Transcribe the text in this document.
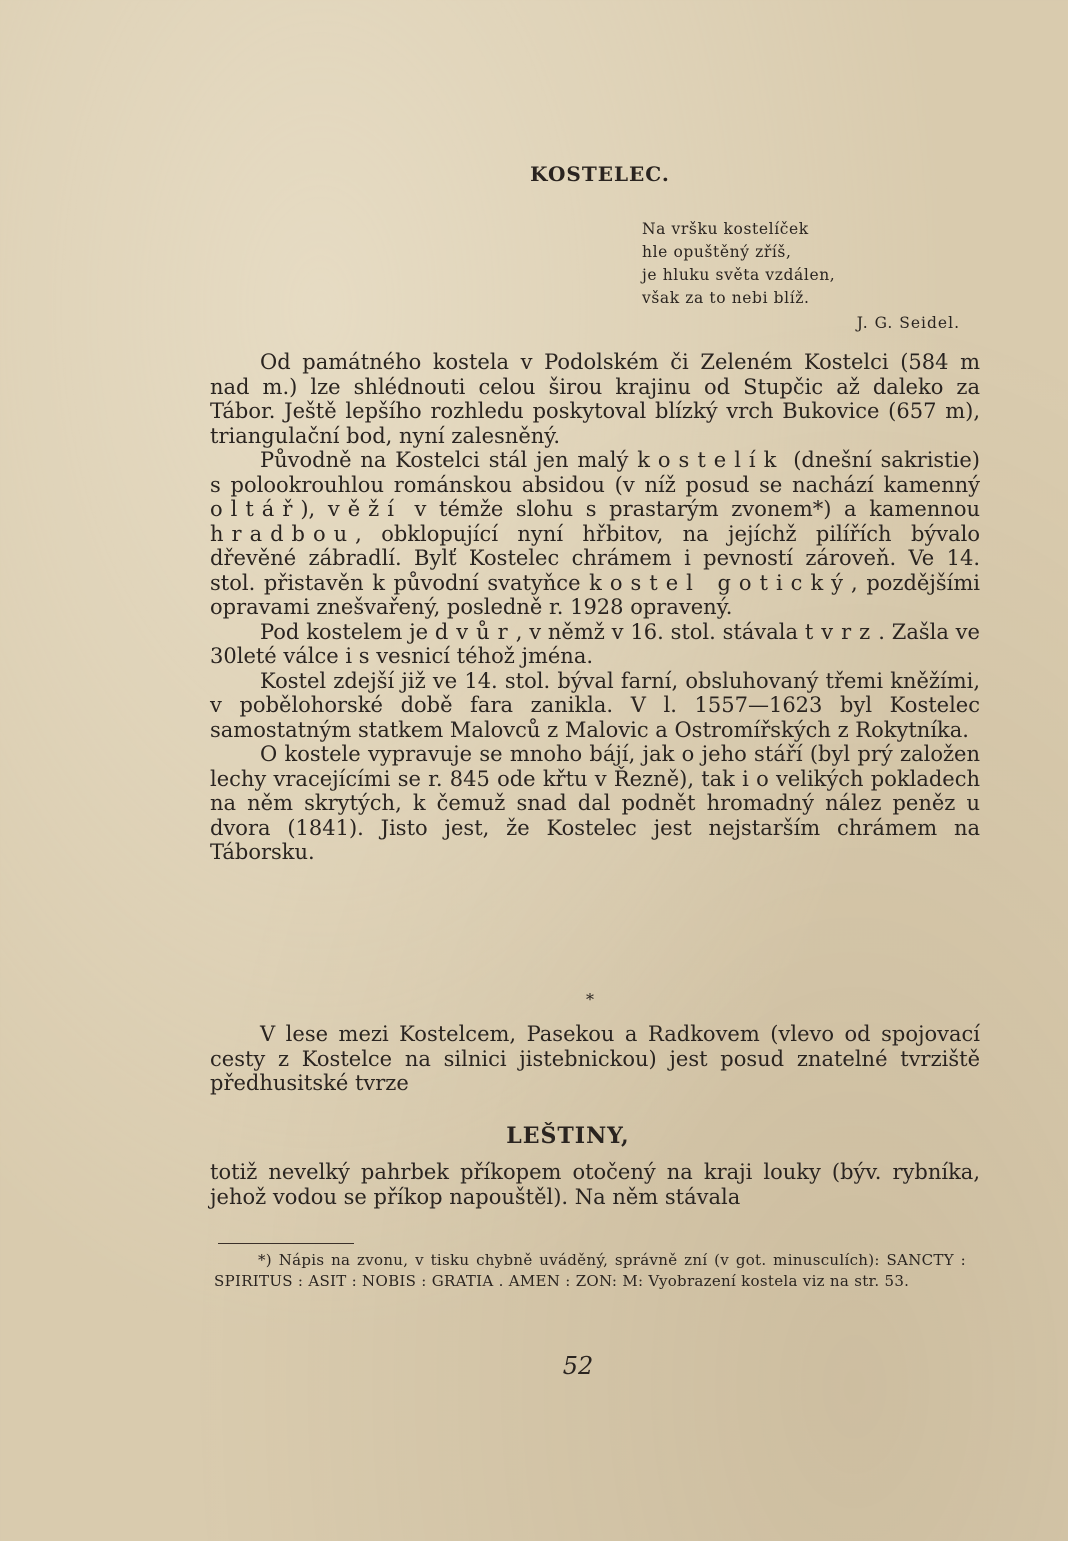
KOSTELEC.
Na vršku kostelíček
hle opuštěný zříš,
je hluku světa vzdálen,
však za to nebi blíž.
J. G. Seidel.

Od památného kostela v Podolském či Zeleném Kostelci (584 m nad m.) lze shlédnouti celou širou krajinu od Stupčic až daleko za Tábor. Ještě lepšího rozhledu poskytoval blízký vrch Bukovice (657 m), triangulační bod, nyní zalesněný.

Původně na Kostelci stál jen malý kostelík (dnešní sakristie) s polookrouhlou románskou absidou (v níž posud se nachází kamenný oltář), věží v témže slohu s prastarým zvonem*) a kamennou hradbou, obklopující nyní hřbitov, na jejíchž pilířích bývalo dřevěné zábradlí. Bylť Kostelec chrámem i pevností zároveň. Ve 14. stol. přistavěn k původní svatyňce kostel gotický, pozdějšími opravami znešvařený, posledně r. 1928 opravený.

Pod kostelem je dvůr, v němž v 16. stol. stávala tvrz. Zašla ve 30leté válce i s vesnicí téhož jména.

Kostel zdejší již ve 14. stol. býval farní, obsluhovaný třemi kněžími, v pobělohorské době fara zanikla. V l. 1557—1623 byl Kostelec samostatným statkem Malovců z Malovic a Ostromířských z Rokytníka.

O kostele vypravuje se mnoho bájí, jak o jeho stáří (byl prý založen lechy vracejícími se r. 845 ode křtu v Řezně), tak i o velikých pokladech na něm skrytých, k čemuž snad dal podnět hromadný nález peněz u dvora (1841). Jisto jest, že Kostelec jest nejstarším chrámem na Táborsku.

*

V lese mezi Kostelcem, Pasekou a Radkovem (vlevo od spojovací cesty z Kostelce na silnici jistebnickou) jest posud znatelné tvrziště předhusitské tvrze

LEŠTINY,

totiž nevelký pahrbek příkopem otočený na kraji louky (býv. rybníka, jehož vodou se příkop napouštěl). Na něm stávala

*) Nápis na zvonu, v tisku chybně uváděný, správně zní (v got. minusculích): SANCTY : SPIRITUS : ASIT : NOBIS : GRATIA . AMEN : ZON: M: Vyobrazení kostela viz na str. 53.

52
